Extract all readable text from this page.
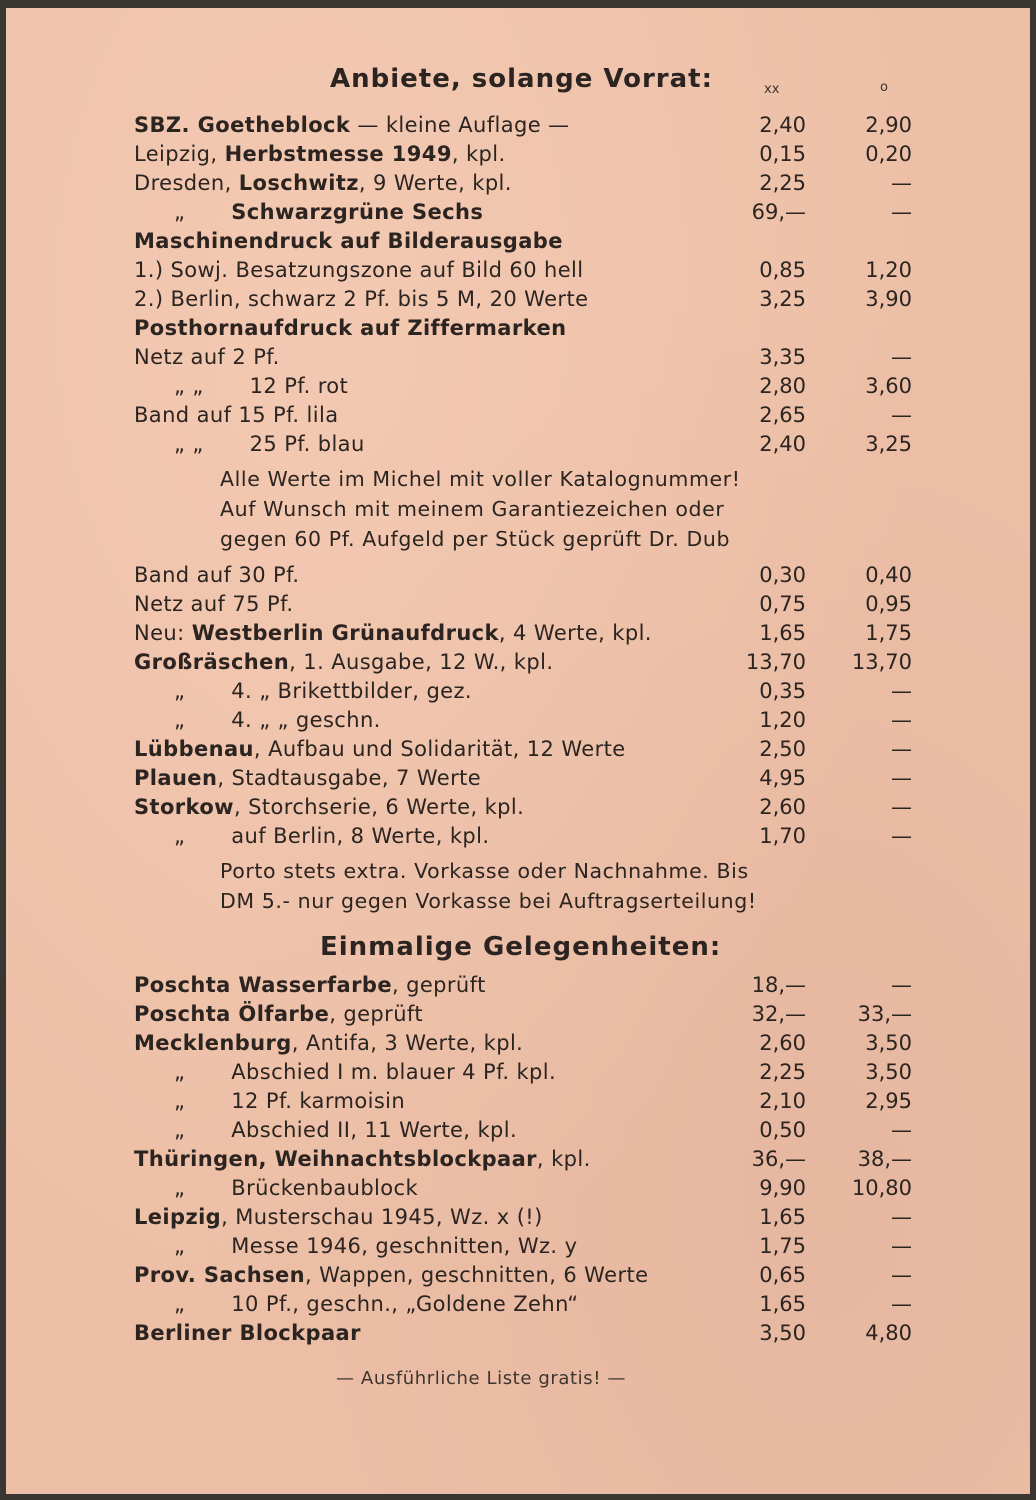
Anbiete, solange Vorrat:	xx	o
SBZ. Goetheblock — kleine Auflage —	2,40	2,90
Leipzig, Herbstmesse 1949, kpl.	0,15	0,20
Dresden, Loschwitz, 9 Werte, kpl.	2,25	—
„ Schwarzgrüne Sechs	69,—	—
Maschinendruck auf Bilderausgabe
1.) Sowj. Besatzungszone auf Bild 60 hell	0,85	1,20
2.) Berlin, schwarz 2 Pf. bis 5 M, 20 Werte	3,25	3,90
Posthornaufdruck auf Ziffermarken
Netz auf 2 Pf.	3,35	—
„ „ 12 Pf. rot	2,80	3,60
Band auf 15 Pf. lila	2,65	—
„ „ 25 Pf. blau	2,40	3,25
Alle Werte im Michel mit voller Katalognummer!
Auf Wunsch mit meinem Garantiezeichen oder
gegen 60 Pf. Aufgeld per Stück geprüft Dr. Dub
Band auf 30 Pf.	0,30	0,40
Netz auf 75 Pf.	0,75	0,95
Neu: Westberlin Grünaufdruck, 4 Werte, kpl.	1,65	1,75
Großräschen, 1. Ausgabe, 12 W., kpl.	13,70 13,70
„ 4. „ Brikettbilder, gez.	0,35	—
„ 4. „ „ geschn.	1,20	—
Lübbenau, Aufbau und Solidarität, 12 Werte	2,50	—
Plauen, Stadtausgabe, 7 Werte	4,95	—
Storkow, Storchserie, 6 Werte, kpl.	2,60	—
„ auf Berlin, 8 Werte, kpl.	1,70	—
Porto stets extra. Vorkasse oder Nachnahme. Bis
DM 5.- nur gegen Vorkasse bei Auftragserteilung!
Einmalige Gelegenheiten:
Poschta Wasserfarbe, geprüft	18,—	—
Poschta Ölfarbe, geprüft	32,— 33,—
Mecklenburg, Antifa, 3 Werte, kpl.	2,60	3,50
„ Abschied I m. blauer 4 Pf. kpl.	2,25	3,50
„ 12 Pf. karmoisin	2,10	2,95
„ Abschied II, 11 Werte, kpl.	0,50	—
Thüringen, Weihnachtsblockpaar, kpl.	36,— 38,—
„ Brückenbaublock	9,90 10,80
Leipzig, Musterschau 1945, Wz. x (!)	1,65	—
„ Messe 1946, geschnitten, Wz. y	1,75	—
Prov. Sachsen, Wappen, geschnitten, 6 Werte	0,65	—
„ 10 Pf., geschn., „Goldene Zehn“	1,65	—
Berliner Blockpaar	3,50	4,80
— Ausführliche Liste gratis! —
